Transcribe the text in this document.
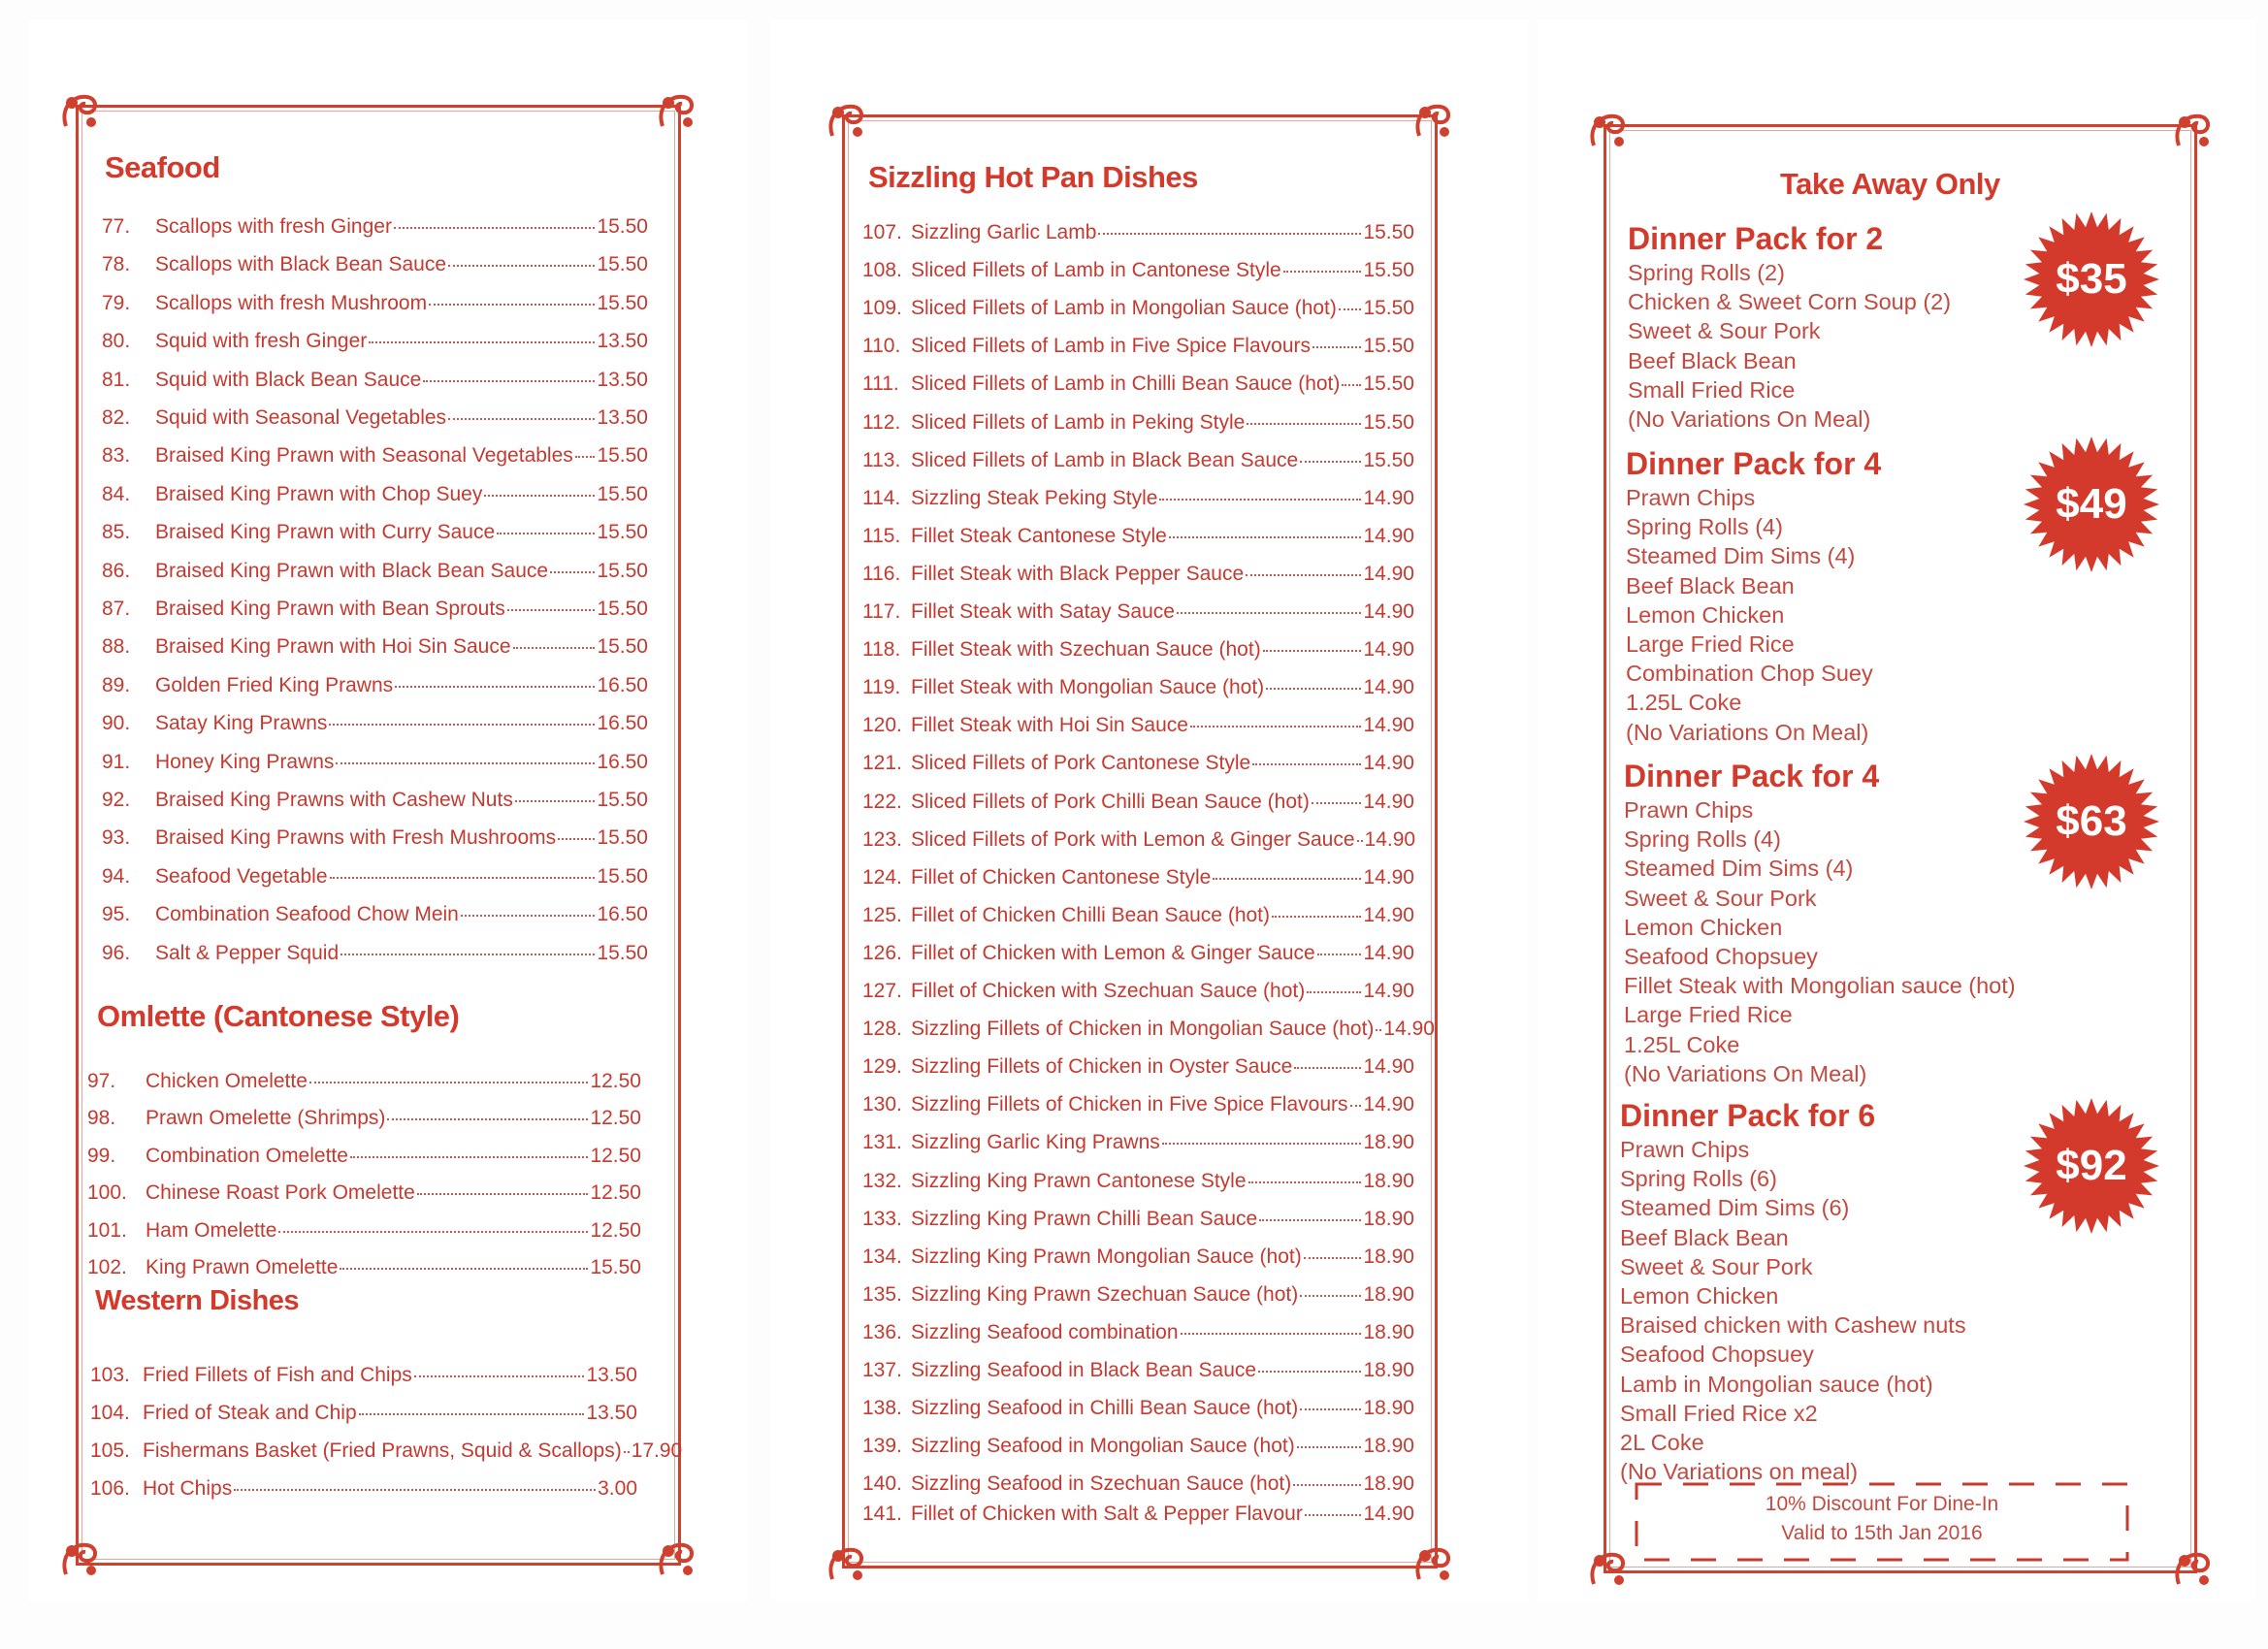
Seafood
77.	Scallops with fresh Ginger	15.50
78.	Scallops with Black Bean Sauce	15.50
79.	Scallops with fresh Mushroom	15.50
80.	Squid with fresh Ginger	13.50
81.	Squid with Black Bean Sauce	13.50
82.	Squid with Seasonal Vegetables	13.50
83.	Braised King Prawn with Seasonal Vegetables 15.50
84.	Braised King Prawn with Chop Suey	15.50
85.	Braised King Prawn with Curry Sauce	15.50
86.	Braised King Prawn with Black Bean Sauce 15.50
87.	Braised King Prawn with Bean Sprouts	15.50
88.	Braised King Prawn with Hoi Sin Sauce	15.50
89.	Golden Fried King Prawns	16.50
90.	Satay King Prawns	16.50
91.	Honey King Prawns	16.50
92.	Braised King Prawns with Cashew Nuts	15.50
93.	Braised King Prawns with Fresh Mushrooms 15.50
94.	Seafood Vegetable	15.50
95.	Combination Seafood Chow Mein	16.50
96.	Salt & Pepper Squid	15.50
Omlette (Cantonese Style)
97.	Chicken Omelette	12.50
98.	Prawn Omelette (Shrimps)	12.50
99.	Combination Omelette	12.50
100. Chinese Roast Pork Omelette	12.50
101. Ham Omelette	12.50
102. King Prawn Omelette	15.50
Western Dishes
103. Fried Fillets of Fish and Chips	13.50
104. Fried of Steak and Chip	13.50
105. Fishermans Basket (Fried Prawns, Squid & Scallops) 17.90
106. Hot Chips	3.00
Sizzling Hot Pan Dishes
107. Sizzling Garlic Lamb	15.50
108. Sliced Fillets of Lamb in Cantonese Style	15.50
109. Sliced Fillets of Lamb in Mongolian Sauce (hot) 15.50
110. Sliced Fillets of Lamb in Five Spice Flavours	15.50
111. Sliced Fillets of Lamb in Chilli Bean Sauce (hot) 15.50
112. Sliced Fillets of Lamb in Peking Style	15.50
113. Sliced Fillets of Lamb in Black Bean Sauce	15.50
114. Sizzling Steak Peking Style	14.90
115. Fillet Steak Cantonese Style	14.90
116. Fillet Steak with Black Pepper Sauce	14.90
117. Fillet Steak with Satay Sauce	14.90
118. Fillet Steak with Szechuan Sauce (hot)	14.90
119. Fillet Steak with Mongolian Sauce (hot)	14.90
120. Fillet Steak with Hoi Sin Sauce	14.90
121. Sliced Fillets of Pork Cantonese Style	14.90
122. Sliced Fillets of Pork Chilli Bean Sauce (hot)	14.90
123. Sliced Fillets of Pork with Lemon & Ginger Sauce 14.90
124. Fillet of Chicken Cantonese Style	14.90
125. Fillet of Chicken Chilli Bean Sauce (hot)	14.90
126. Fillet of Chicken with Lemon & Ginger Sauce 14.90
127. Fillet of Chicken with Szechuan Sauce (hot)	14.90
128. Sizzling Fillets of Chicken in Mongolian Sauce (hot) 14.90
129. Sizzling Fillets of Chicken in Oyster Sauce	14.90
130. Sizzling Fillets of Chicken in Five Spice Flavours 14.90
131. Sizzling Garlic King Prawns	18.90
132. Sizzling King Prawn Cantonese Style	18.90
133. Sizzling King Prawn Chilli Bean Sauce	18.90
134. Sizzling King Prawn Mongolian Sauce (hot)	18.90
135. Sizzling King Prawn Szechuan Sauce (hot)	18.90
136. Sizzling Seafood combination	18.90
137. Sizzling Seafood in Black Bean Sauce	18.90
138. Sizzling Seafood in Chilli Bean Sauce (hot)	18.90
139. Sizzling Seafood in Mongolian Sauce (hot)	18.90
140. Sizzling Seafood in Szechuan Sauce (hot)	18.90
141. Fillet of Chicken with Salt & Pepper Flavour	14.90
Take Away Only
Dinner Pack for 2
Spring Rolls (2)
Chicken & Sweet Corn Soup (2)
Sweet & Sour Pork
Beef Black Bean
Small Fried Rice
(No Variations On Meal)
$35
Dinner Pack for 4
Prawn Chips
Spring Rolls (4)
Steamed Dim Sims (4)
Beef Black Bean
Lemon Chicken
Large Fried Rice
Combination Chop Suey
1.25L Coke
(No Variations On Meal)
$49
Dinner Pack for 4
Prawn Chips
Spring Rolls (4)
Steamed Dim Sims (4)
Sweet & Sour Pork
Lemon Chicken
Seafood Chopsuey
Fillet Steak with Mongolian sauce (hot)
Large Fried Rice
1.25L Coke
(No Variations On Meal)
$63
Dinner Pack for 6
Prawn Chips
Spring Rolls (6)
Steamed Dim Sims (6)
Beef Black Bean
Sweet & Sour Pork
Lemon Chicken
Braised chicken with Cashew nuts
Seafood Chopsuey
Lamb in Mongolian sauce (hot)
Small Fried Rice x2
2L Coke
(No Variations on meal)
$92
10% Discount For Dine-In
Valid to 15th Jan 2016
